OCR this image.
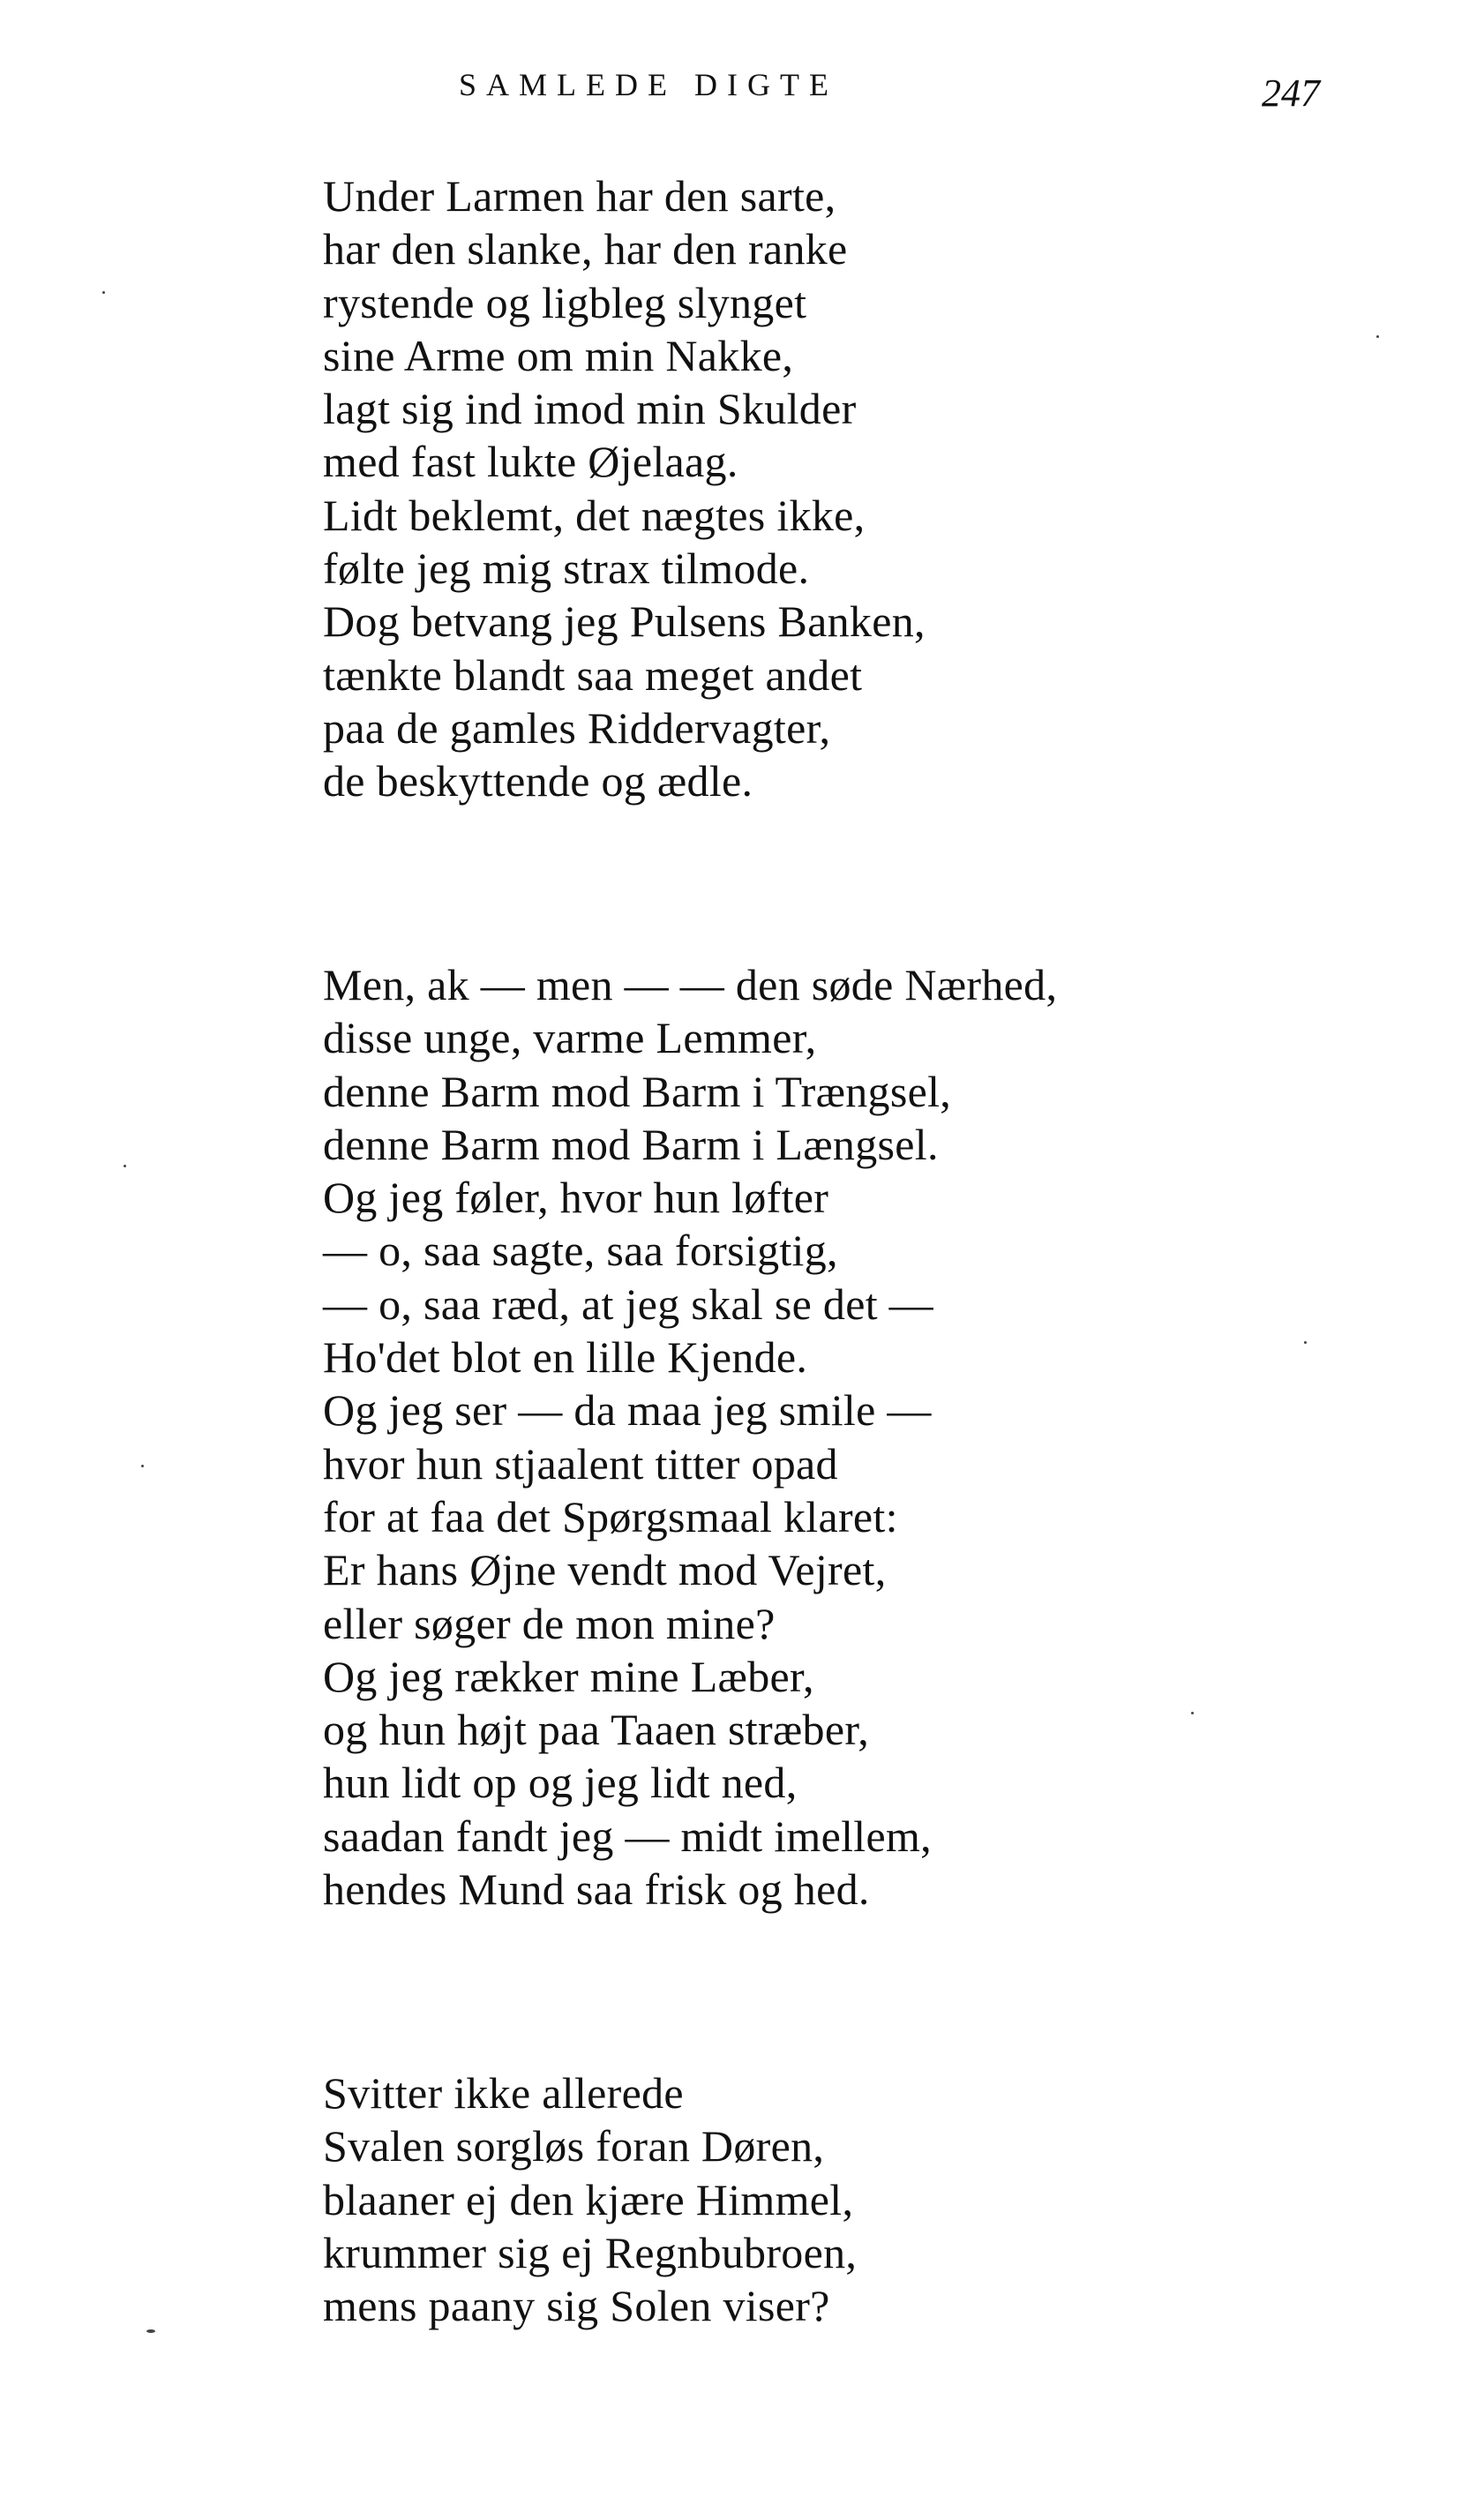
SAMLEDE DIGTE	247
Under Larmen har den sarte,
har den slanke, har den ranke
rystende og ligbleg slynget
sine Arme om min Nakke,
lagt sig ind imod min Skulder
med fast lukte Øjelaag.
Lidt beklemt, det nægtes ikke,
følte jeg mig strax tilmode.
Dog betvang jeg Pulsens Banken,
tænkte blandt saa meget andet
paa de gamles Riddervagter,
de beskyttende og ædle.
Men, ak — men — — den søde Nærhed,
disse unge, varme Lemmer,
denne Barm mod Barm i Trængsel,
denne Barm mod Barm i Længsel.
Og jeg føler, hvor hun løfter
— o, saa sagte, saa forsigtig,
— o, saa ræd, at jeg skal se det —
Ho'det blot en lille Kjende.
Og jeg ser — da maa jeg smile —
hvor hun stjaalent titter opad
for at faa det Spørgsmaal klaret:
Er hans Øjne vendt mod Vejret,
eller søger de mon mine?
Og jeg rækker mine Læber,
og hun højt paa Taaen stræber,
hun lidt op og jeg lidt ned,
saadan fandt jeg — midt imellem,
hendes Mund saa frisk og hed.
Svitter ikke allerede
Svalen sorgløs foran Døren,
blaaner ej den kjære Himmel,
krummer sig ej Regnbubroen,
mens paany sig Solen viser?
